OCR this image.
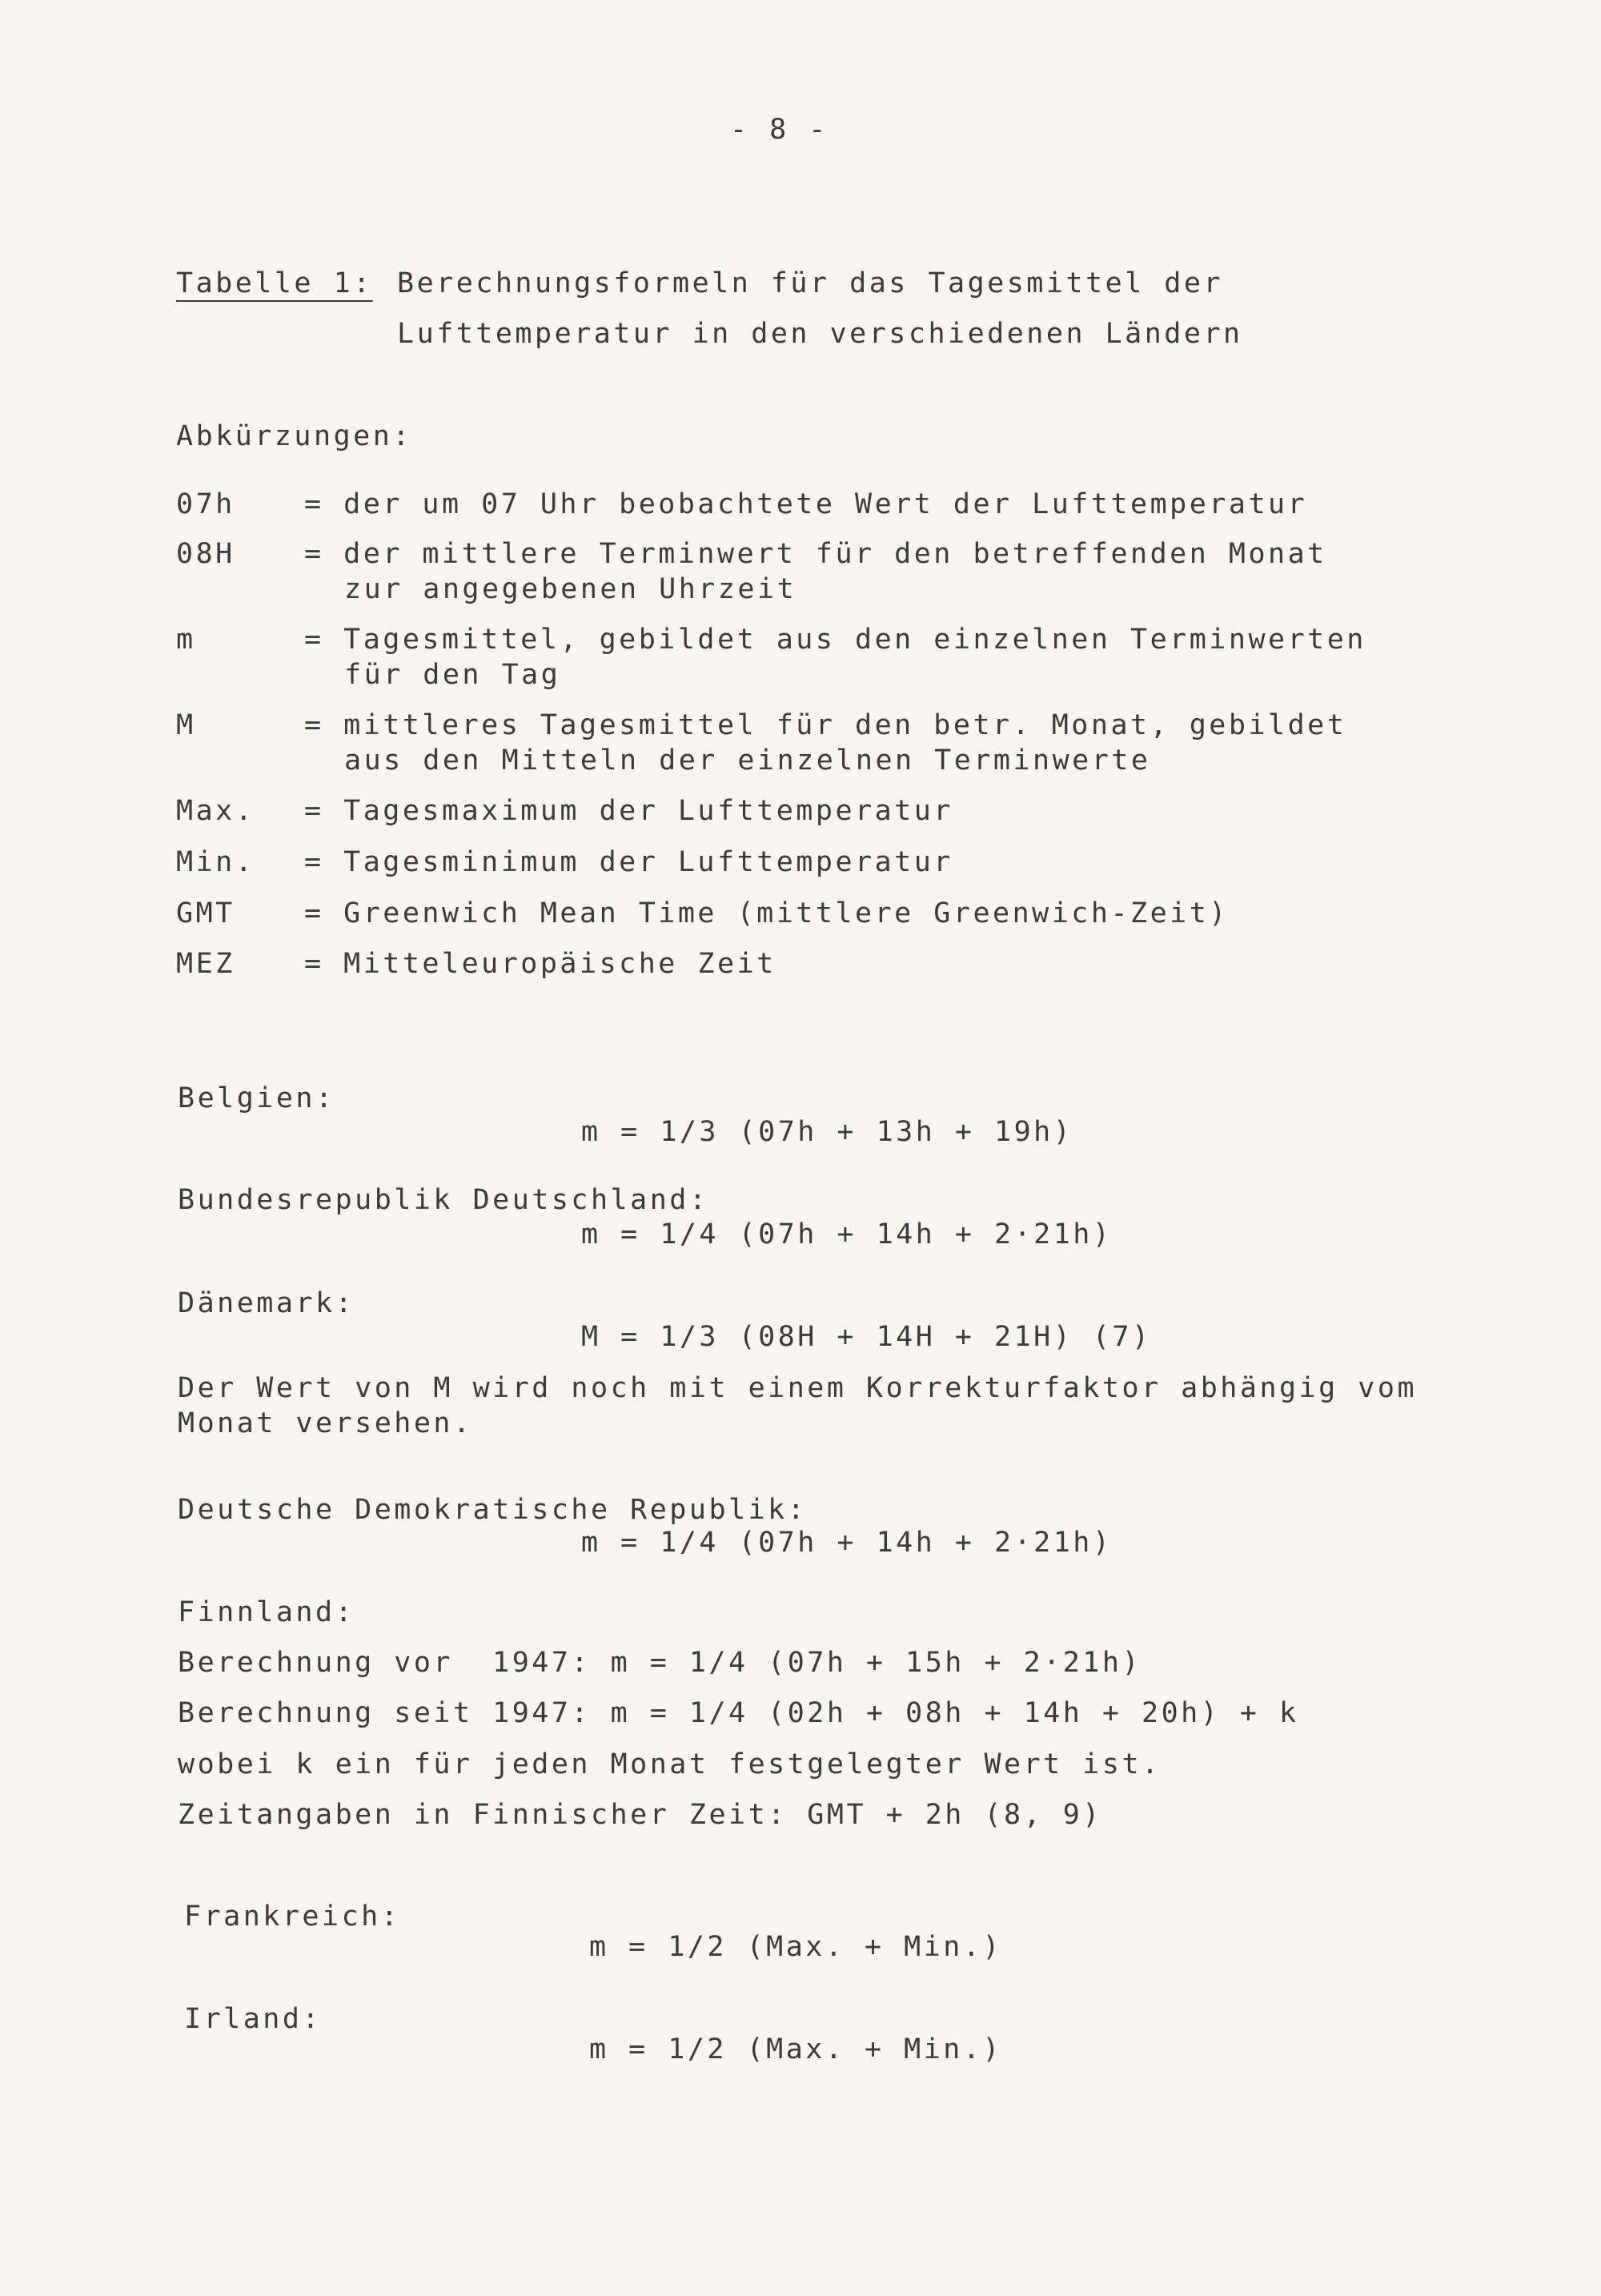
- 8 -
Tabelle 1: Berechnungsformeln für das Tagesmittel der
Lufttemperatur in den verschiedenen Ländern
Abkürzungen:
07h = der um 07 Uhr beobachtete Wert der Lufttemperatur
08H = der mittlere Terminwert für den betreffenden Monat
zur angegebenen Uhrzeit
m	= Tagesmittel, gebildet aus den einzelnen Terminwerten
für den Tag
M	= mittleres Tagesmittel für den betr. Monat, gebildet
aus den Mitteln der einzelnen Terminwerte
Max. = Tagesmaximum der Lufttemperatur
Min. = Tagesminimum der Lufttemperatur
GMT = Greenwich Mean Time (mittlere Greenwich-Zeit)
MEZ = Mitteleuropäische Zeit
Belgien:
m = 1/3 (07h + 13h + 19h)
Bundesrepublik Deutschland:
m = 1/4 (07h + 14h + 2·21h)
Dänemark:
M = 1/3 (08H + 14H + 21H) (7)
Der Wert von M wird noch mit einem Korrekturfaktor abhängig vom
Monat versehen.
Deutsche Demokratische Republik:
m = 1/4 (07h + 14h + 2·21h)
Finnland:
Berechnung vor  1947: m = 1/4 (07h + 15h + 2·21h)
Berechnung seit 1947: m = 1/4 (02h + 08h + 14h + 20h) + k
wobei k ein für jeden Monat festgelegter Wert ist.
Zeitangaben in Finnischer Zeit: GMT + 2h (8, 9)
Frankreich:
m = 1/2 (Max. + Min.)
Irland:
m = 1/2 (Max. + Min.)
